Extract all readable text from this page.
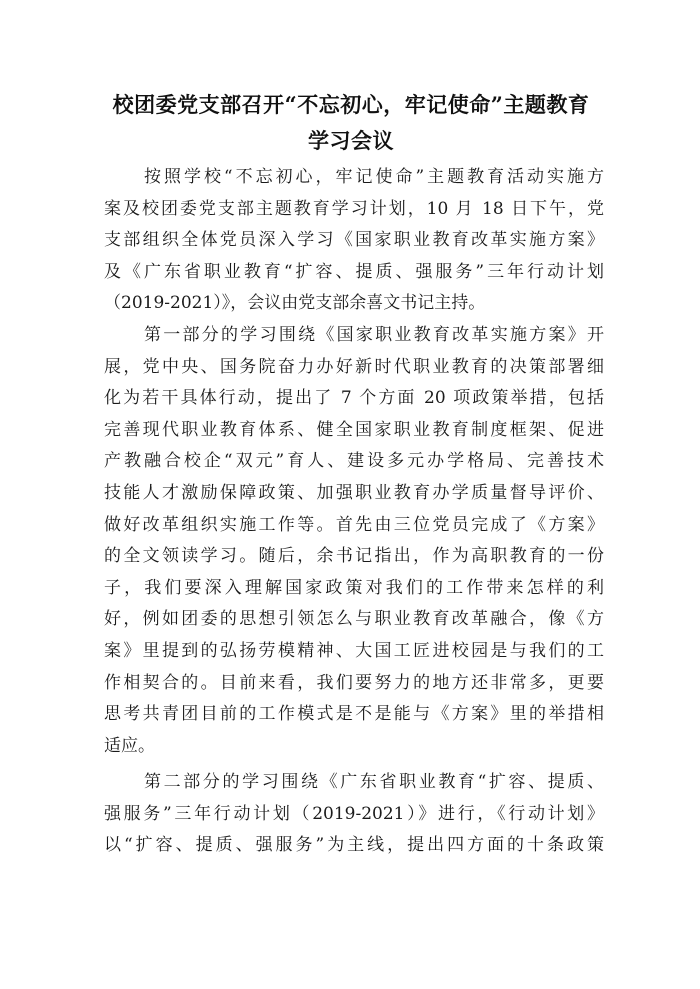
校团委党支部召开“不忘初心，牢记使命”主题教育
学习会议
按照学校“不忘初心，牢记使命”主题教育活动实施方
案及校团委党支部主题教育学习计划，10 月 18 日下午，党
支部组织全体党员深入学习《国家职业教育改革实施方案》
及《广东省职业教育“扩容、提质、强服务”三年行动计划
（2019-2021）》，会议由党支部余喜文书记主持。
第一部分的学习围绕《国家职业教育改革实施方案》开
展，党中央、国务院奋力办好新时代职业教育的决策部署细
化为若干具体行动，提出了 7 个方面 20 项政策举措，包括
完善现代职业教育体系、健全国家职业教育制度框架、促进
产教融合校企“双元”育人、建设多元办学格局、完善技术
技能人才激励保障政策、加强职业教育办学质量督导评价、
做好改革组织实施工作等。首先由三位党员完成了《方案》
的全文领读学习。随后，余书记指出，作为高职教育的一份
子，我们要深入理解国家政策对我们的工作带来怎样的利
好，例如团委的思想引领怎么与职业教育改革融合，像《方
案》里提到的弘扬劳模精神、大国工匠进校园是与我们的工
作相契合的。目前来看，我们要努力的地方还非常多，更要
思考共青团目前的工作模式是不是能与《方案》里的举措相
适应。
第二部分的学习围绕《广东省职业教育“扩容、提质、
强服务”三年行动计划（2019-2021）》进行，《行动计划》
以“扩容、提质、强服务”为主线，提出四方面的十条政策
